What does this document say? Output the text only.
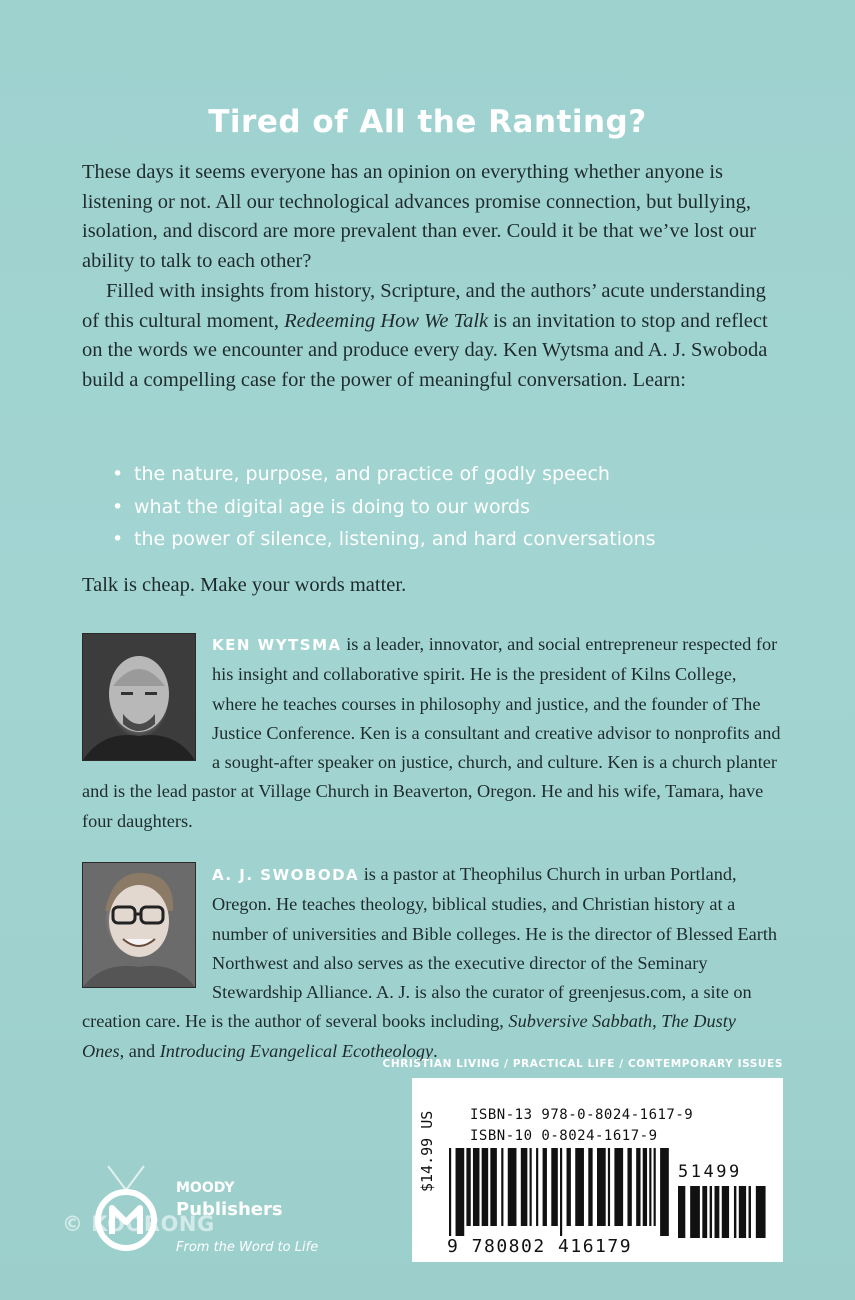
Tired of All the Ranting?
These days it seems everyone has an opinion on everything whether anyone is listening or not. All our technological advances promise connection, but bullying, isolation, and discord are more prevalent than ever. Could it be that we’ve lost our ability to talk to each other?
Filled with insights from history, Scripture, and the authors’ acute understanding of this cultural moment, Redeeming How We Talk is an invitation to stop and reflect on the words we encounter and produce every day. Ken Wytsma and A. J. Swoboda build a compelling case for the power of meaningful conversation. Learn:
• the nature, purpose, and practice of godly speech
• what the digital age is doing to our words
• the power of silence, listening, and hard conversations
Talk is cheap. Make your words matter.
KEN WYTSMA is a leader, innovator, and social entrepreneur respected for his insight and collaborative spirit. He is the president of Kilns College, where he teaches courses in philosophy and justice, and the founder of The Justice Conference. Ken is a consultant and creative advisor to nonprofits and a sought-after speaker on justice, church, and culture. Ken is a church planter and is the lead pastor at Village Church in Beaverton, Oregon. He and his wife, Tamara, have four daughters.
A. J. SWOBODA is a pastor at Theophilus Church in urban Portland, Oregon. He teaches theology, biblical studies, and Christian history at a number of universities and Bible colleges. He is the director of Blessed Earth Northwest and also serves as the executive director of the Seminary Stewardship Alliance. A. J. is also the curator of greenjesus.com, a site on creation care. He is the author of several books including, Subversive Sabbath, The Dusty Ones, and Introducing Evangelical Ecotheology.
CHRISTIAN LIVING / PRACTICAL LIFE / CONTEMPORARY ISSUES
ISBN-13 978-0-8024-1617-9
ISBN-10 0-8024-1617-9
51499
9 780802 416179
MOODY
Publishers
From the Word to Life
© KOORONG
